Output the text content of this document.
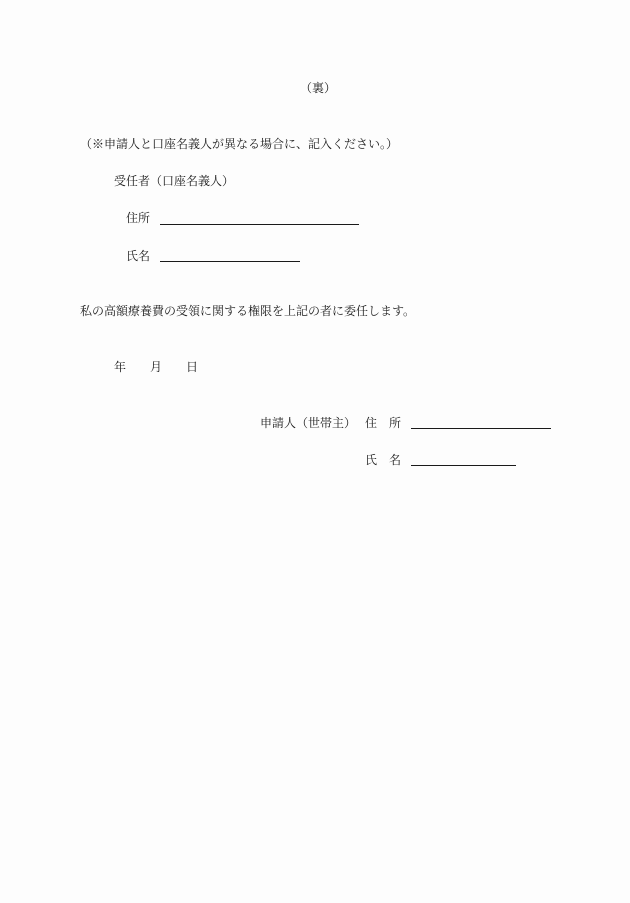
（裏）
（※申請人と口座名義人が異なる場合に、記入ください。）
受任者（口座名義人）
住所
氏名
私の高額療養費の受領に関する権限を上記の者に委任します。
年 月 日
申請人（世帯主） 住　所
氏　名
